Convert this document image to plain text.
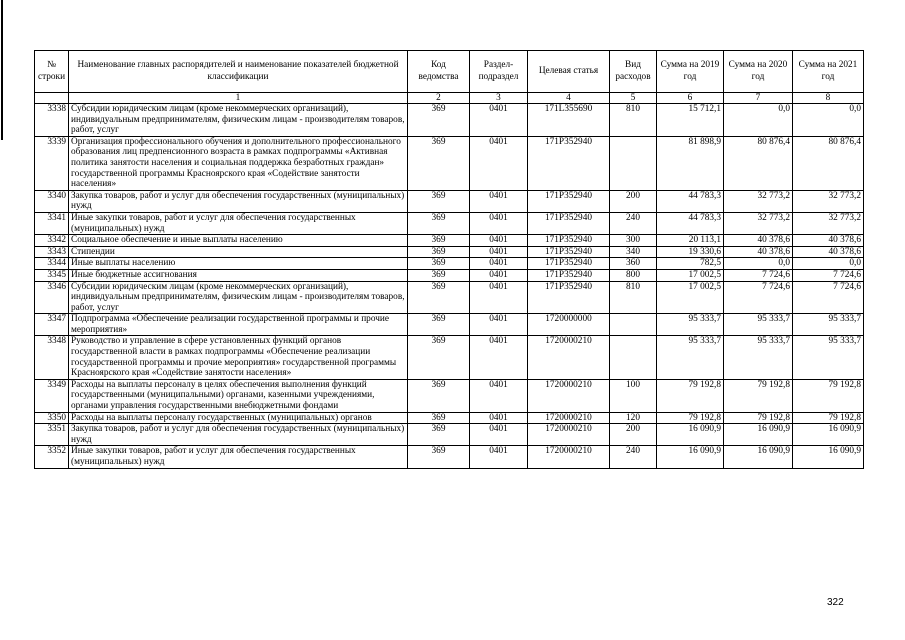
№ строки	Наименование главных распорядителей и наименование показателей бюджетной классификации	Код ведомства	Раздел-подраздел	Целевая статья	Вид расходов	Сумма на 2019 год	Сумма на 2020 год	Сумма на 2021 год
	1	2	3	4	5	6	7	8
3338	Субсидии юридическим лицам (кроме некоммерческих организаций), индивидуальным предпринимателям, физическим лицам - производителям товаров, работ, услуг	369	0401	171L355690	810	15 712,1	0,0	0,0
3339	Организация профессионального обучения и дополнительного профессионального образования лиц предпенсионного возраста в рамках подпрограммы «Активная политика занятости населения и социальная поддержка безработных граждан» государственной программы Красноярского края «Содействие занятости населения»	369	0401	171P352940		81 898,9	80 876,4	80 876,4
3340	Закупка товаров, работ и услуг для обеспечения государственных (муниципальных) нужд	369	0401	171P352940	200	44 783,3	32 773,2	32 773,2
3341	Иные закупки товаров, работ и услуг для обеспечения государственных (муниципальных) нужд	369	0401	171P352940	240	44 783,3	32 773,2	32 773,2
3342	Социальное обеспечение и иные выплаты населению	369	0401	171P352940	300	20 113,1	40 378,6	40 378,6
3343	Стипендии	369	0401	171P352940	340	19 330,6	40 378,6	40 378,6
3344	Иные выплаты населению	369	0401	171P352940	360	782,5	0,0	0,0
3345	Иные бюджетные ассигнования	369	0401	171P352940	800	17 002,5	7 724,6	7 724,6
3346	Субсидии юридическим лицам (кроме некоммерческих организаций), индивидуальным предпринимателям, физическим лицам - производителям товаров, работ, услуг	369	0401	171P352940	810	17 002,5	7 724,6	7 724,6
3347	Подпрограмма «Обеспечение реализации государственной программы и прочие мероприятия»	369	0401	1720000000		95 333,7	95 333,7	95 333,7
3348	Руководство и управление в сфере установленных функций органов государственной власти в рамках подпрограммы «Обеспечение реализации государственной программы и прочие мероприятия» государственной программы Красноярского края «Содействие занятости населения»	369	0401	1720000210		95 333,7	95 333,7	95 333,7
3349	Расходы на выплаты персоналу в целях обеспечения выполнения функций государственными (муниципальными) органами, казенными учреждениями, органами управления государственными внебюджетными фондами	369	0401	1720000210	100	79 192,8	79 192,8	79 192,8
3350	Расходы на выплаты персоналу государственных (муниципальных) органов	369	0401	1720000210	120	79 192,8	79 192,8	79 192,8
3351	Закупка товаров, работ и услуг для обеспечения государственных (муниципальных) нужд	369	0401	1720000210	200	16 090,9	16 090,9	16 090,9
3352	Иные закупки товаров, работ и услуг для обеспечения государственных (муниципальных) нужд	369	0401	1720000210	240	16 090,9	16 090,9	16 090,9
322
